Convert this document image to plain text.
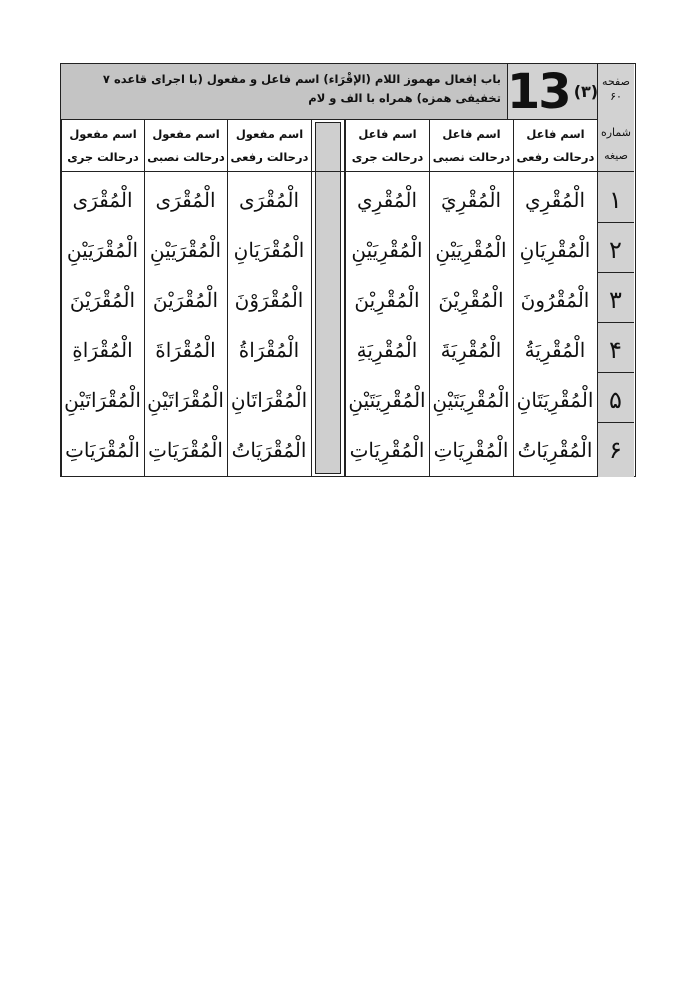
صفحه
۶۰
(۳)
13
باب إفعال مهموز اللام (الإقْرَاء) اسم فاعل و مفعول (با اجرای قاعده ۷ تخفيفی همزه) همراه با الف و لام
شماره
صيغه
اسم فاعل
درحالت رفعی
اسم فاعل
درحالت نصبی
اسم فاعل
درحالت جری
اسم مفعول
درحالت رفعی
اسم مفعول
درحالت نصبی
اسم مفعول
درحالت جری
۱
الْمُقْرِي
الْمُقْرِيَ
الْمُقْرِي
الْمُقْرَى
الْمُقْرَى
الْمُقْرَى
۲
الْمُقْرِيَانِ
الْمُقْرِيَيْنِ
الْمُقْرِيَيْنِ
الْمُقْرَيَانِ
الْمُقْرَيَيْنِ
الْمُقْرَيَيْنِ
۳
الْمُقْرُونَ
الْمُقْرِيْنَ
الْمُقْرِيْنَ
الْمُقْرَوْنَ
الْمُقْرَيْنَ
الْمُقْرَيْنَ
۴
الْمُقْرِيَةُ
الْمُقْرِيَةَ
الْمُقْرِيَةِ
الْمُقْرَاةُ
الْمُقْرَاةَ
الْمُقْرَاةِ
۵
الْمُقْرِيَتَانِ
الْمُقْرِيَتَيْنِ
الْمُقْرِيَتَيْنِ
الْمُقْرَاتَانِ
الْمُقْرَاتَيْنِ
الْمُقْرَاتَيْنِ
۶
الْمُقْرِيَاتُ
الْمُقْرِيَاتِ
الْمُقْرِيَاتِ
الْمُقْرَيَاتُ
الْمُقْرَيَاتِ
الْمُقْرَيَاتِ
